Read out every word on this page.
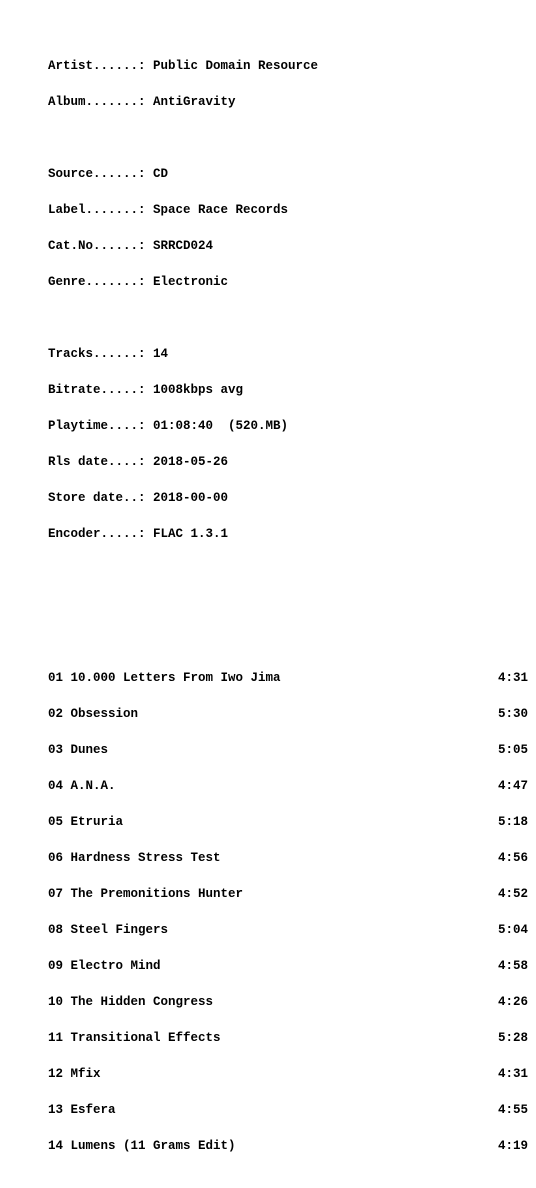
Artist......: Public Domain Resource

Album.......: AntiGravity

Source......: CD

Label.......: Space Race Records

Cat.No......: SRRCD024

Genre.......: Electronic

Tracks......: 14

Bitrate.....: 1008kbps avg

Playtime....: 01:08:40  (520.MB)

Rls date....: 2018-05-26

Store date..: 2018-00-00

Encoder.....: FLAC 1.3.1

01 10.000 Letters From Iwo Jima	4:31

02 Obsession	5:30

03 Dunes	5:05

04 A.N.A.	4:47

05 Etruria	5:18

06 Hardness Stress Test	4:56

07 The Premonitions Hunter	4:52

08 Steel Fingers	5:04

09 Electro Mind	4:58

10 The Hidden Congress	4:26

11 Transitional Effects	5:28

12 Mfix	4:31

13 Esfera	4:55

14 Lumens (11 Grams Edit)	4:19
